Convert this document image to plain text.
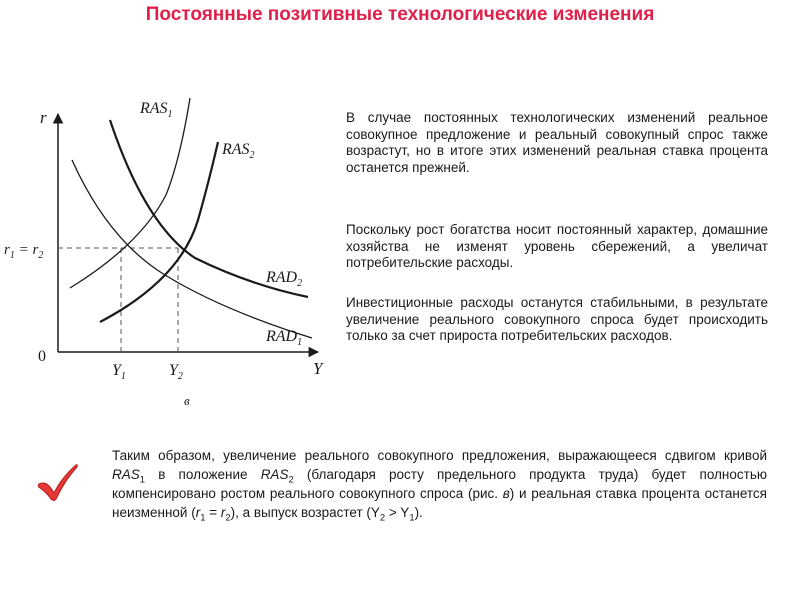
Постоянные позитивные технологические изменения
r
Y
0
$r_1 = r_2$
$Y_1$	$Y_2$
в
$RAS_1$
$RAS_2$
$RAD_2$
$RAD_1$

В случае постоянных технологических изменений реальное совокупное предложение и реальный совокупный спрос также возрастут, но в итоге этих изменений реальная ставка процента останется прежней.

Поскольку рост богатства носит постоянный характер, домашние хозяйства не изменят уровень сбережений, а увеличат потребительские расходы.

Инвестиционные расходы останутся стабильными, в результате увеличение реального совокупного спроса будет происходить только за счет прироста потребительских расходов.

Таким образом, увеличение реального совокупного предложения, выражающееся сдвигом кривой $RAS_1$ в положение $RAS_2$ (благодаря росту предельного продукта труда) будет полностью компенсировано ростом реального совокупного спроса (рис. в) и реальная ставка процента останется неизменной $(r_1 = r_2)$, а выпуск возрастет $(Y_2 > Y_1)$.
